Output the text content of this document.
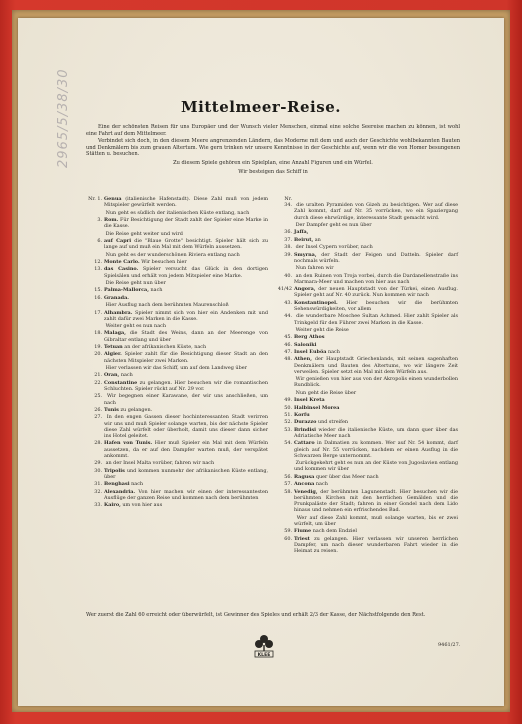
2965/5/38/30	Mittelmeer-Reise.

Eine der schönsten Reisen für uns Europäer und der Wunsch vieler Menschen, einmal eine solche Seereise machen zu können, ist wohl eine Fahrt auf dem Mittelmeer.

Verbindet sich doch, in den diesem Meere angrenzenden Ländern, das Moderne mit dem und auch der Geschichte wohlbekannten Bauten und Denkmälern bis zum grauen Altertum. Wie gern trinken wir unsere Kenntnisse in der Geschichte auf, wenn wir die von Homer besungenen Stätten u. besuchen.

Zu diesem Spiele gehören ein Spielplan, eine Anzahl Figuren und ein Würfel.

Wir besteigen das Schiff in

Nr. 1. Genua (italienische Hafenstadt). Diese Zahl muß von jedem Mitspieler gewürfelt werden.
Nun geht es südlich der italienischen Küste entlang, nach
3. Rom. Für Besichtigung der Stadt zahlt der Spieler eine Marke in die Kasse.
Die Reise geht weiter und wird
6. auf Capri die "Blaue Grotte" besichtigt. Spieler hält sich zu lange auf und muß ein Mal mit dem Würfeln aussetzen.
Nun geht es der wunderschönen Riviera entlang nach
12. Monte Carlo. Wir besuchen hier
13. das Casino. Spieler versucht das Glück in den dortigen Spielsälen und erhält von jedem Mitspieler eine Marke.
Die Reise geht nun über
15. Palma-Mallorca, nach
16. Granada.
Hier Ausflug nach dem berühmten Maurenschloß
17. Alhambra. Spieler nimmt sich von hier ein Andenken mit und zahlt dafür zwei Marken in die Kasse.
Weiter geht es nun nach
18. Malaga, die Stadt des Weins, dann an der Meerenge von Gibraltar entlang und über
19. Tetuan an der afrikanischen Küste, nach
20. Algier. Spieler zahlt für die Besichtigung dieser Stadt an den nächsten Mitspieler zwei Marken.
Hier verlassen wir das Schiff, um auf dem Landweg über
21. Oran, nach
22. Constantine zu gelangen. Hier besuchen wir die romantischen Schluchten. Spieler rückt auf Nr. 29 vor.
25. Wir begegnen einer Karawane, der wir uns anschließen, um nach
26. Tunis zu gelangen.
27. In den engen Gassen dieser hochinteressanten Stadt verirren wir uns und muß Spieler solange warten, bis der nächste Spieler diese Zahl würfelt oder überholt, damit uns dieser dann sicher ins Hotel geleitet.
28. Hafen von Tunis. Hier muß Spieler ein Mal mit dem Würfeln aussetzen, da er auf den Dampfer warten muß, der verspätet ankommt.
29. an der Insel Malta vorüber, fahren wir nach
30. Tripolis und kommen nunmehr der afrikanischen Küste entlang, über
31. Benghasi nach
32. Alexandria. Von hier machen wir einen der interessantesten Ausflüge der ganzen Reise und kommen nach dem berühmten
33. Kairo, um von hier aus
Nr. 34. die uralten Pyramiden von Gizeh zu besichtigen. Wer auf diese Zahl kommt, darf auf Nr. 35 vorrücken, wo ein Spaziergang durch diese ehrwürdige, interessante Stadt gemacht wird.
Der Dampfer geht es nun über
36. Jaffa,
37. Beirut, an
38. der Insel Cypern vorüber, nach
39. Smyrna, der Stadt der Feigen und Datteln. Spieler darf nochmals würfeln.
Nun fahren wir
40. an den Ruinen von Troja vorbei, durch die Dardanellenstraße ins Marmara-Meer und machen von hier aus nach
41/42 Angora, der neuen Hauptstadt von der Türkei, einen Ausflug. Spieler geht auf Nr. 40 zurück. Nun kommen wir nach
43. Konstantinopel. Hier besuchen wir die berühmten Sehenswürdigkeiten, vor allem
44. die wunderbare Moschee Sultan Achmed. Hier zahlt Spieler als Trinkgeld für den Führer zwei Marken in die Kasse.
Weiter geht die Reise
45. Berg Athos
46. Saloniki
47. Insel Euböa nach
48. Athen, der Hauptstadt Griechenlands, mit seinen sagenhaften Denkmälern und Bauten des Altertums, wo wir längere Zeit verweilen. Spieler setzt ein Mal mit dem Würfeln aus.
Wir genießen von hier aus von der Akropolis einen wunderbollen Rundblick.
Nun geht die Reise über
49. Insel Kreta
50. Halbinsel Morea
51. Korfu
52. Durazzo und streifen
53. Brindisi wieder die italienische Küste, um dann quer über das Adriatische Meer nach
54. Cattaro in Dalmatien zu kommen. Wer auf Nr. 54 kommt, darf gleich auf Nr. 55 vorrücken, nachdem er einen Ausflug in die Schwarzen Berge unternommt.
Zurückgekehrt geht es nun an der Küste von Jugoslavien entlang und kommen wir über
56. Ragusa quer über das Meer nach
57. Ancona nach
58. Venedig, der berühmten Lagunenstadt. Hier besuchen wir die berühmten Kirchen mit den herrlichen Gemälden und die Prunkpaläste der Stadt; fahren in einer Gondel nach dem Lido hinaus und nehmen ein erfrischendes Bad.
Wer auf diese Zahl kommt, muß solange warten, bis er zwei würfelt, um über
59. Fiume nach dem Endziel
60. Triest zu gelangen. Hier verlassen wir unseren herrlichen Dampfer, um nach dieser wunderbaren Fahrt wieder in die Heimat zu reisen.
Wer zuerst die Zahl 60 erreicht oder überwürfelt, ist Gewinner des Spieles und erhält 2/3 der Kasse, der Nächstfolgende den Rest.
KLEE
9461/27.
